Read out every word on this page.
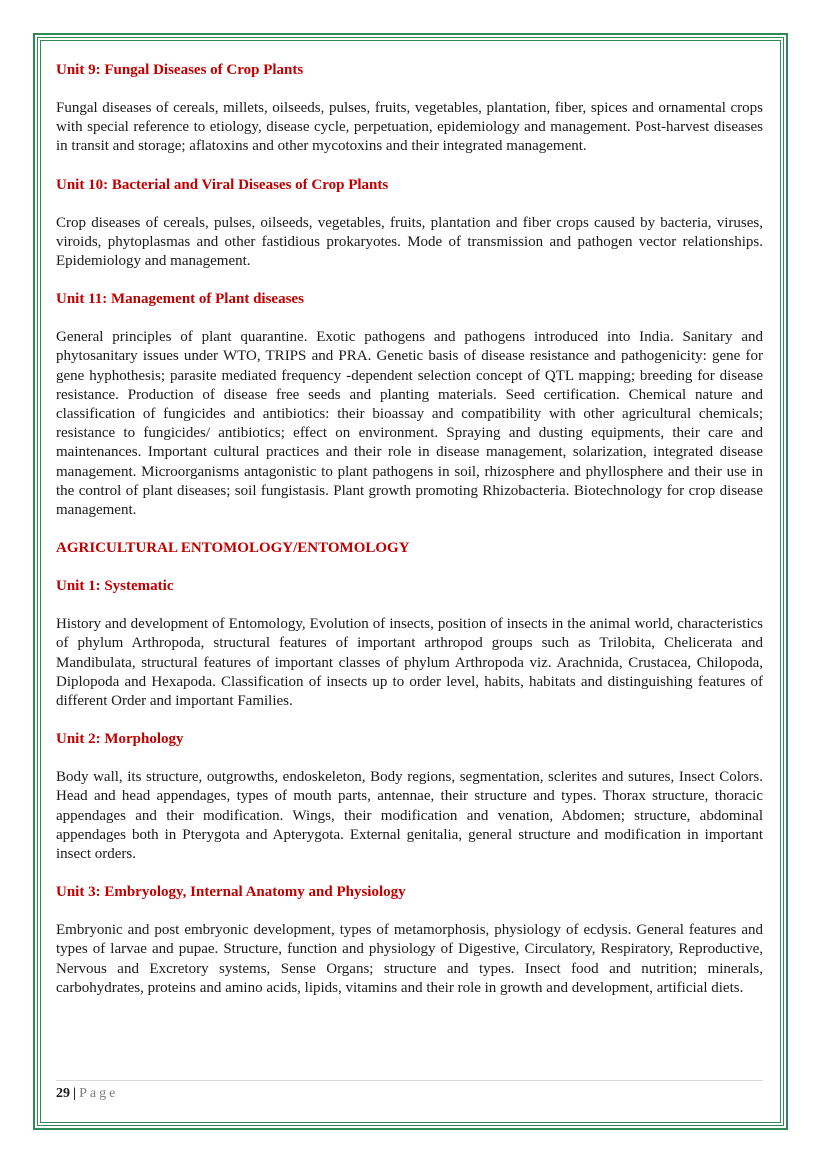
Unit 9: Fungal Diseases of Crop Plants

Fungal diseases of cereals, millets, oilseeds, pulses, fruits, vegetables, plantation, fiber, spices and ornamental crops with special reference to etiology, disease cycle, perpetuation, epidemiology and management. Post-harvest diseases in transit and storage; aflatoxins and other mycotoxins and their integrated management.

Unit 10: Bacterial and Viral Diseases of Crop Plants

Crop diseases of cereals, pulses, oilseeds, vegetables, fruits, plantation and fiber crops caused by bacteria, viruses, viroids, phytoplasmas and other fastidious prokaryotes. Mode of transmission and pathogen vector relationships. Epidemiology and management.

Unit 11: Management of Plant diseases

General principles of plant quarantine. Exotic pathogens and pathogens introduced into India. Sanitary and phytosanitary issues under WTO, TRIPS and PRA. Genetic basis of disease resistance and pathogenicity: gene for gene hyphothesis; parasite mediated frequency -dependent selection concept of QTL mapping; breeding for disease resistance. Production of disease free seeds and planting materials. Seed certification. Chemical nature and classification of fungicides and antibiotics: their bioassay and compatibility with other agricultural chemicals; resistance to fungicides/ antibiotics; effect on environment. Spraying and dusting equipments, their care and maintenances. Important cultural practices and their role in disease management, solarization, integrated disease management. Microorganisms antagonistic to plant pathogens in soil, rhizosphere and phyllosphere and their use in the control of plant diseases; soil fungistasis. Plant growth promoting Rhizobacteria. Biotechnology for crop disease management.

AGRICULTURAL ENTOMOLOGY/ENTOMOLOGY
Unit 1: Systematic

History and development of Entomology, Evolution of insects, position of insects in the animal world, characteristics of phylum Arthropoda, structural features of important arthropod groups such as Trilobita, Chelicerata and Mandibulata, structural features of important classes of phylum Arthropoda viz. Arachnida, Crustacea, Chilopoda, Diplopoda and Hexapoda. Classification of insects up to order level, habits, habitats and distinguishing features of different Order and important Families.

Unit 2: Morphology

Body wall, its structure, outgrowths, endoskeleton, Body regions, segmentation, sclerites and sutures, Insect Colors. Head and head appendages, types of mouth parts, antennae, their structure and types. Thorax structure, thoracic appendages and their modification. Wings, their modification and venation, Abdomen; structure, abdominal appendages both in Pterygota and Apterygota. External genitalia, general structure and modification in important insect orders.

Unit 3: Embryology, Internal Anatomy and Physiology

Embryonic and post embryonic development, types of metamorphosis, physiology of ecdysis. General features and types of larvae and pupae. Structure, function and physiology of Digestive, Circulatory, Respiratory, Reproductive, Nervous and Excretory systems, Sense Organs; structure and types. Insect food and nutrition; minerals, carbohydrates, proteins and amino acids, lipids, vitamins and their role in growth and development, artificial diets.

29 | Page
